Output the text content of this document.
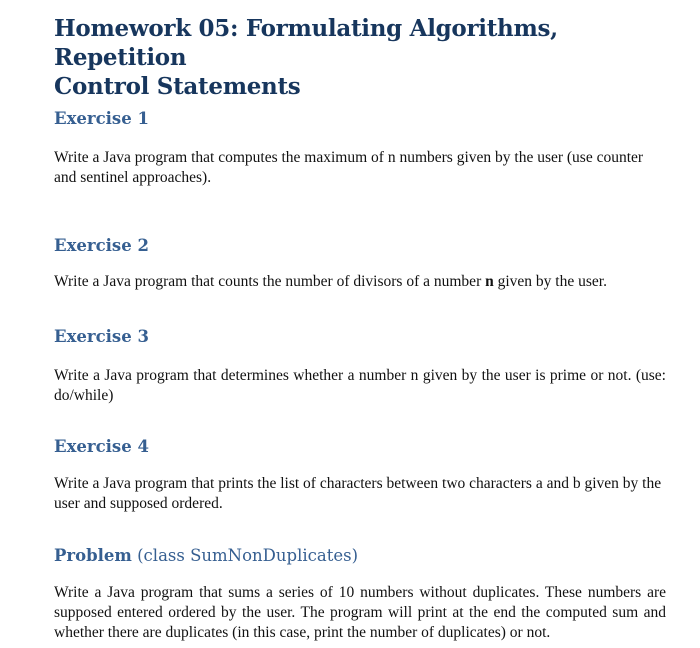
Homework 05: Formulating Algorithms, Repetition
Control Statements
Exercise 1

Write a Java program that computes the maximum of n numbers given by the user (use counter and sentinel approaches).

Exercise 2

Write a Java program that counts the number of divisors of a number n given by the user.

Exercise 3

Write a Java program that determines whether a number n given by the user is prime or not. (use: do/while)

Exercise 4

Write a Java program that prints the list of characters between two characters a and b given by the user and supposed ordered.

Problem (class SumNonDuplicates)

Write a Java program that sums a series of 10 numbers without duplicates. These numbers are supposed entered ordered by the user. The program will print at the end the computed sum and whether there are duplicates (in this case, print the number of duplicates) or not.
